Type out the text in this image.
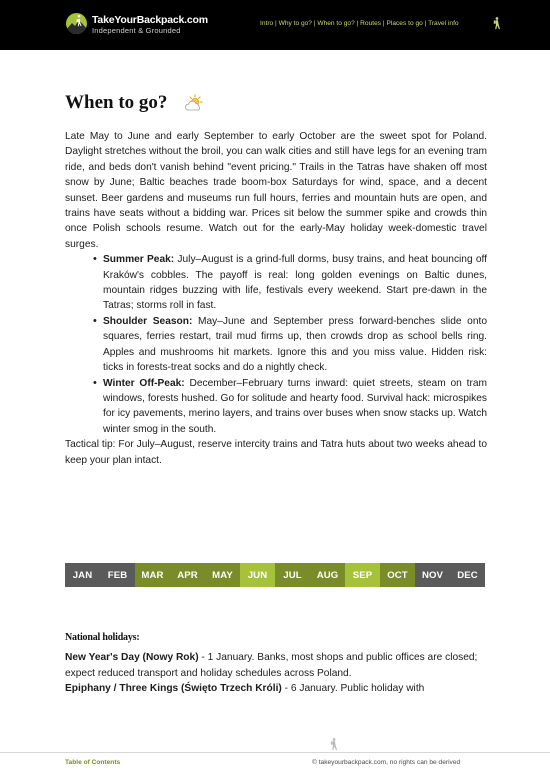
TakeYourBackpack.com
Independent & Grounded
Intro | Why to go? | When to go? | Routes | Places to go | Travel info
When to go?

Late May to June and early September to early October are the sweet spot for Poland. Daylight stretches without the broil, you can walk cities and still have legs for an evening tram ride, and beds don't vanish behind "event pricing." Trails in the Tatras have shaken off most snow by June; Baltic beaches trade boom-box Saturdays for wind, space, and a decent sunset. Beer gardens and museums run full hours, ferries and mountain huts are open, and trains have seats without a bidding war. Prices sit below the summer spike and crowds thin once Polish schools resume. Watch out for the early-May holiday week-domestic travel surges.

• Summer Peak: July–August is a grind-full dorms, busy trains, and heat bouncing off Kraków's cobbles. The payoff is real: long golden evenings on Baltic dunes, mountain ridges buzzing with life, festivals every weekend. Start pre-dawn in the Tatras; storms roll in fast.
• Shoulder Season: May–June and September press forward-benches slide onto squares, ferries restart, trail mud firms up, then crowds drop as school bells ring. Apples and mushrooms hit markets. Ignore this and you miss value. Hidden risk: ticks in forests-treat socks and do a nightly check.
• Winter Off-Peak: December–February turns inward: quiet streets, steam on tram windows, forests hushed. Go for solitude and hearty food. Survival hack: microspikes for icy pavements, merino layers, and trains over buses when snow stacks up. Watch winter smog in the south.

Tactical tip: For July–August, reserve intercity trains and Tatra huts about two weeks ahead to keep your plan intact.

JAN	FEB	MAR	APR	MAY	JUN	JUL	AUG	SEP	OCT	NOV	DEC
National holidays:
New Year's Day (Nowy Rok) - 1 January. Banks, most shops and public offices are closed; expect reduced transport and holiday schedules across Poland.
Epiphany / Three Kings (Święto Trzech Króli) - 6 January. Public holiday with
Table of Contents	© takeyourbackpack.com, no rights can be derived
